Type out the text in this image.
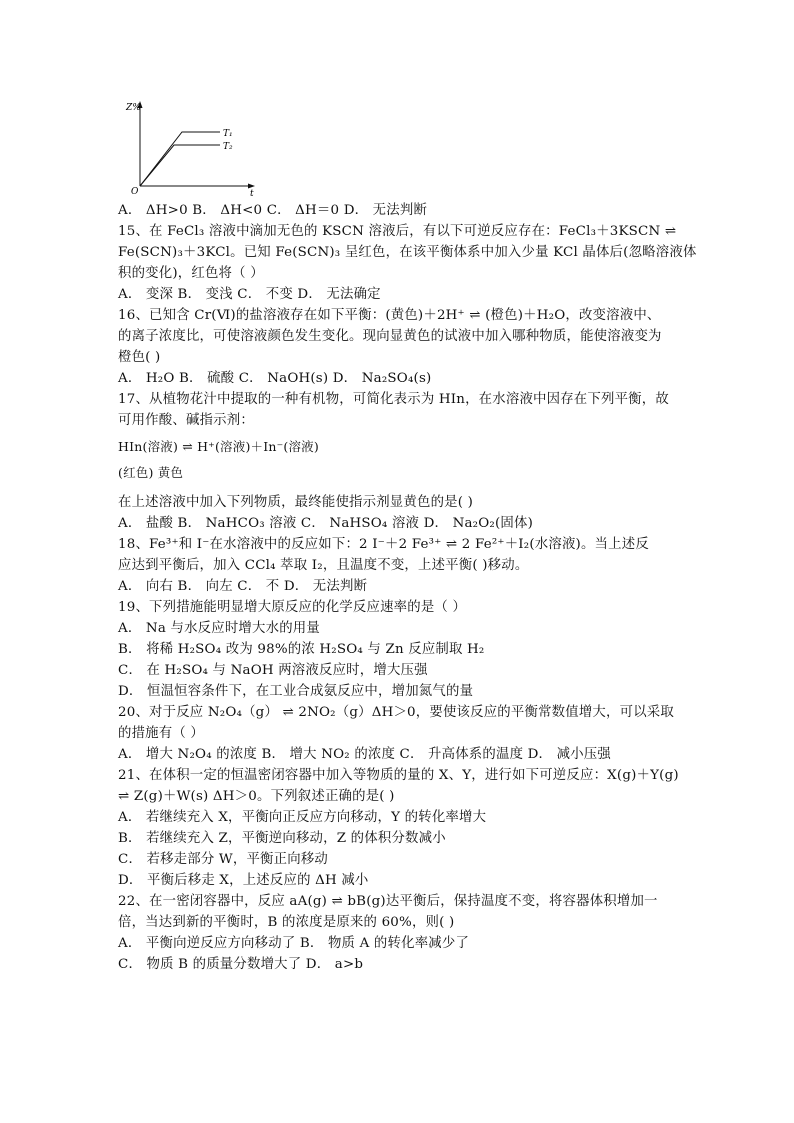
Z%
O	t
T₁
T₂
A． ΔH>0 B． ΔH<0 C． ΔH＝0 D． 无法判断
15、在 FeCl₃ 溶液中滴加无色的 KSCN 溶液后，有以下可逆反应存在：FeCl₃＋3KSCN ⇌
Fe(SCN)₃＋3KCl。已知 Fe(SCN)₃ 呈红色，在该平衡体系中加入少量 KCl 晶体后(忽略溶液体
积的变化)，红色将（ ）
A． 变深 B． 变浅 C． 不变 D． 无法确定
16、已知含 Cr(Ⅵ)的盐溶液存在如下平衡：(黄色)＋2H⁺ ⇌ (橙色)＋H₂O，改变溶液中、
的离子浓度比，可使溶液颜色发生变化。现向显黄色的试液中加入哪种物质，能使溶液变为
橙色( )
A． H₂O B． 硫酸 C． NaOH(s) D． Na₂SO₄(s)
17、从植物花汁中提取的一种有机物，可简化表示为 HIn，在水溶液中因存在下列平衡，故
可用作酸、碱指示剂：
HIn(溶液) ⇌ H⁺(溶液)＋In⁻(溶液)
(红色) 黄色
在上述溶液中加入下列物质，最终能使指示剂显黄色的是( )
A． 盐酸 B． NaHCO₃ 溶液 C． NaHSO₄ 溶液 D． Na₂O₂(固体)
18、Fe³⁺和 I⁻在水溶液中的反应如下：2 I⁻＋2 Fe³⁺ ⇌ 2 Fe²⁺＋I₂(水溶液)。当上述反
应达到平衡后，加入 CCl₄ 萃取 I₂，且温度不变，上述平衡( )移动。
A． 向右 B． 向左 C． 不 D． 无法判断
19、下列措施能明显增大原反应的化学反应速率的是（ ）
A． Na 与水反应时增大水的用量
B． 将稀 H₂SO₄ 改为 98%的浓 H₂SO₄ 与 Zn 反应制取 H₂
C． 在 H₂SO₄ 与 NaOH 两溶液反应时，增大压强
D． 恒温恒容条件下，在工业合成氨反应中，增加氮气的量
20、对于反应 N₂O₄（g） ⇌ 2NO₂（g）ΔH＞0，要使该反应的平衡常数值增大，可以采取
的措施有（ ）
A． 增大 N₂O₄ 的浓度 B． 增大 NO₂ 的浓度 C． 升高体系的温度 D． 减小压强
21、在体积一定的恒温密闭容器中加入等物质的量的 X、Y，进行如下可逆反应：X(g)＋Y(g)
⇌ Z(g)＋W(s) ΔH＞0。下列叙述正确的是( )
A． 若继续充入 X，平衡向正反应方向移动，Y 的转化率增大
B． 若继续充入 Z，平衡逆向移动，Z 的体积分数减小
C． 若移走部分 W，平衡正向移动
D． 平衡后移走 X，上述反应的 ΔH 减小
22、在一密闭容器中，反应 aA(g) ⇌ bB(g)达平衡后，保持温度不变，将容器体积增加一
倍，当达到新的平衡时，B 的浓度是原来的 60%，则( )
A． 平衡向逆反应方向移动了 B． 物质 A 的转化率减少了
C． 物质 B 的质量分数增大了 D． a>b
